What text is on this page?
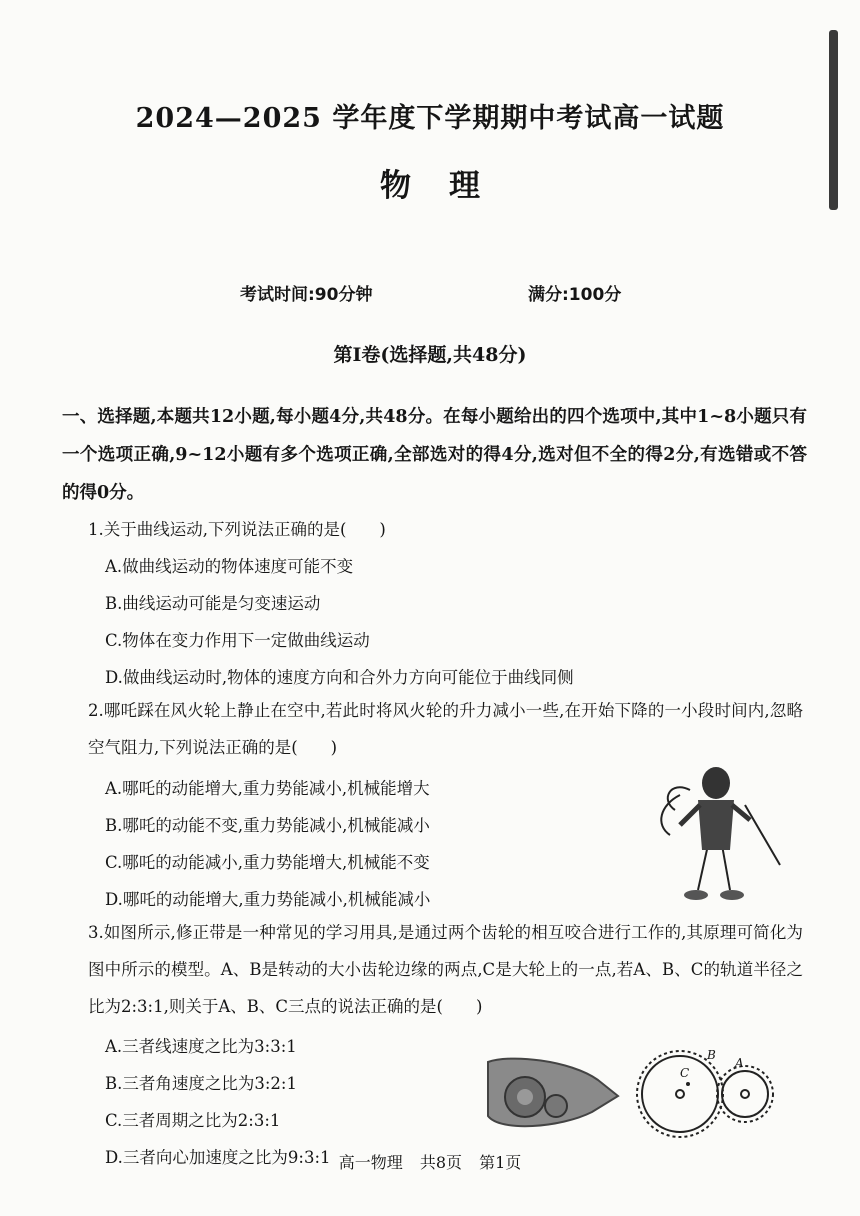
2024—2025 学年度下学期期中考试高一试题
物理
考试时间:90分钟	满分:100分
第Ⅰ卷(选择题,共48分)
一、选择题,本题共12小题,每小题4分,共48分。在每小题给出的四个选项中,其中1~8小题只有一个选项正确,9~12小题有多个选项正确,全部选对的得4分,选对但不全的得2分,有选错或不答的得0分。
1.关于曲线运动,下列说法正确的是(　　)
A.做曲线运动的物体速度可能不变
B.曲线运动可能是匀变速运动
C.物体在变力作用下一定做曲线运动
D.做曲线运动时,物体的速度方向和合外力方向可能位于曲线同侧
2.哪吒踩在风火轮上静止在空中,若此时将风火轮的升力减小一些,在开始下降的一小段时间内,忽略空气阻力,下列说法正确的是(　　)
A.哪吒的动能增大,重力势能减小,机械能增大
B.哪吒的动能不变,重力势能减小,机械能减小
C.哪吒的动能减小,重力势能增大,机械能不变
D.哪吒的动能增大,重力势能减小,机械能减小
3.如图所示,修正带是一种常见的学习用具,是通过两个齿轮的相互咬合进行工作的,其原理可简化为图中所示的模型。A、B是转动的大小齿轮边缘的两点,C是大轮上的一点,若A、B、C的轨道半径之比为2:3:1,则关于A、B、C三点的说法正确的是(　　)
A.三者线速度之比为3:3:1
B.三者角速度之比为3:2:1
C.三者周期之比为2:3:1
D.三者向心加速度之比为9:3:1
C
B
A
高一物理 共8页 第1页
